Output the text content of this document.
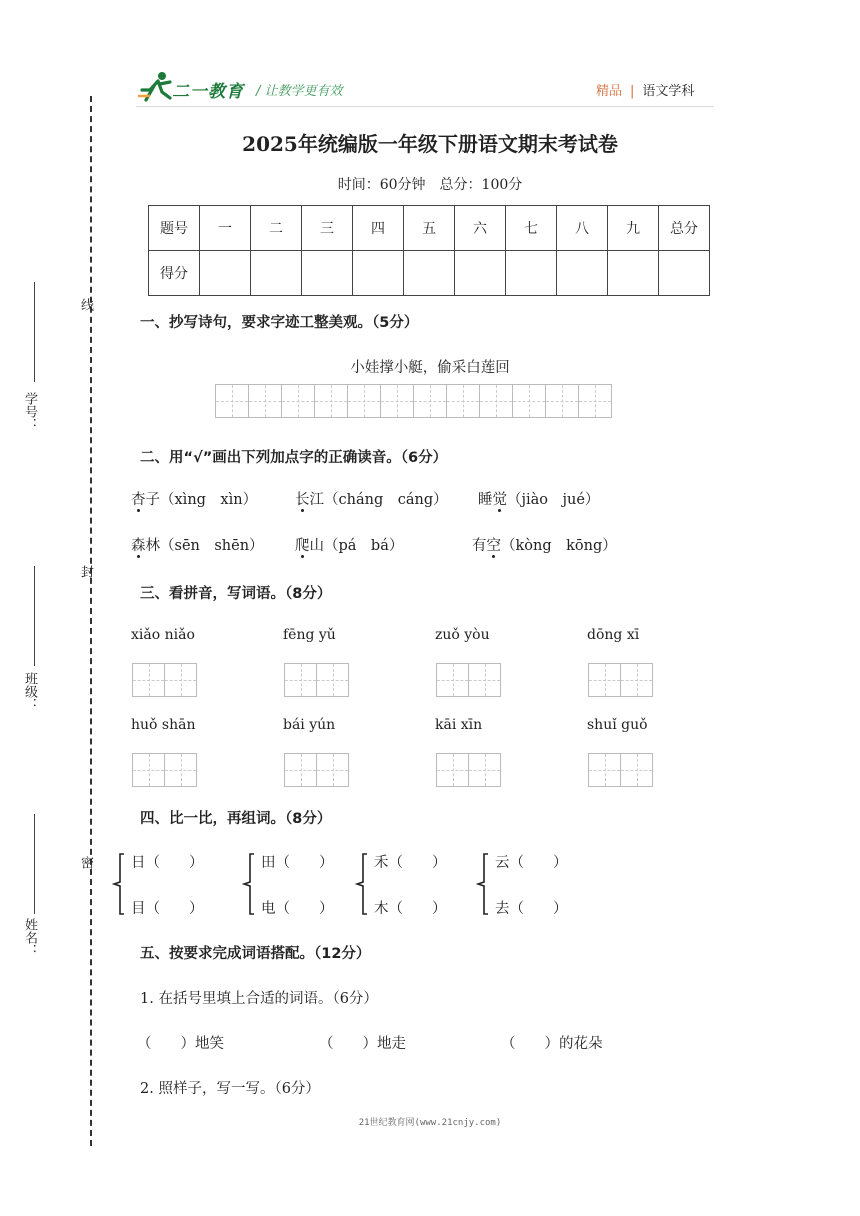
线
封
密
学号：
班级：
姓名：
二一教育 / 让教学更有效	精品 | 语文学科
2025年统编版一年级下册语文期末考试卷
时间：60分钟　总分：100分
题号	一	二	三	四	五	六	七	八	九	总分
得分										
一、抄写诗句，要求字迹工整美观。（5分）
小娃撑小艇，偷采白莲回
二、用“√”画出下列加点字的正确读音。（6分）
杏子（xìng　xìn）	长江（cháng　cáng） 睡觉（jiào　jué）
森林（sēn　shēn） 爬山（pá　bá）	有空（kòng　kōng）
三、看拼音，写词语。（8分）
xiǎo niǎo	fēng yǔ	zuǒ yòu	dōng xī
huǒ shān	bái yún	kāi xīn	shuǐ guǒ
四、比一比，再组词。（8分）
日（　　）
目（　　）
田（　　）
电（　　）
禾（　　）
木（　　）
云（　　）
去（　　）
五、按要求完成词语搭配。（12分）
1. 在括号里填上合适的词语。（6分）
（　　）地笑	（　　）地走	（　　）的花朵
2. 照样子，写一写。（6分）
21世纪教育网(www.21cnjy.com)
